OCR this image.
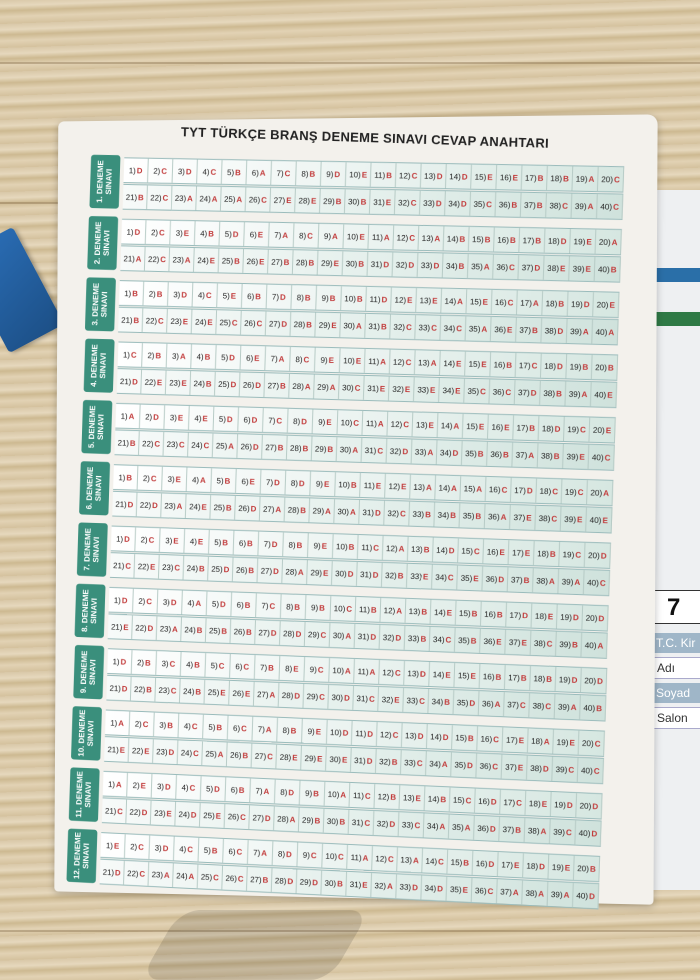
7
T.C. Kir
Adı
Soyad
Salon
1. DENEME
SINAVI 1) D 2) C 3) D 4) C 5) B 6) A 7) C 8) B 9) D 10) E 11) B 12) C 13) D 14) D 15) E 16) E 17) B 18) B 19) A 20) C
21) B 22) C 23) A 24) A 25) A 26) C 27) E 28) E 29) B 30) B 31) E 32) C 33) D 34) D 35) C 36) B 37) B 38) C 39) A 40) C
2. DENEME
SINAVI 1) D 2) C 3) E 4) B 5) D 6) E 7) A 8) C 9) A 10) E 11) A 12) C 13) A 14) B 15) B 16) B 17) B 18) D 19) E 20) A
21) A 22) C 23) A 24) E 25) B 26) E 27) B 28) B 29) E 30) B 31) D 32) D 33) D 34) B 35) A 36) C 37) D 38) E 39) E 40) B
3. DENEME
SINAVI 1) B 2) B 3) D 4) C 5) E 6) B 7) D 8) B 9) B 10) B 11) D 12) E 13) E 14) A 15) E 16) C 17) A 18) B 19) D 20) E
21) B 22) C 23) E 24) E 25) C 26) C 27) D 28) B 29) E 30) A 31) B 32) C 33) C 34) C 35) A 36) E 37) B 38) D 39) A 40) A
4. DENEME
SINAVI 1) C 2) B 3) A 4) B 5) D 6) E 7) A 8) C 9) E 10) E 11) A 12) C 13) A 14) E 15) E 16) B 17) C 18) D 19) B 20) B
21) D 22) E 23) E 24) B 25) D 26) D 27) B 28) A 29) A 30) C 31) E 32) E 33) E 34) E 35) C 36) C 37) D 38) B 39) A 40) E
5. DENEME
SINAVI 1) A 2) D 3) E 4) E 5) D 6) D 7) C 8) D 9) E 10) C 11) A 12) C 13) E 14) A 15) E 16) E 17) B 18) D 19) C 20) E
21) B 22) C 23) C 24) C 25) A 26) D 27) B 28) B 29) B 30) A 31) C 32) D 33) A 34) D 35) B 36) B 37) A 38) B 39) E 40) C
6. DENEME
SINAVI 1) B 2) C 3) E 4) A 5) B 6) E 7) D 8) D 9) E 10) B 11) E 12) E 13) A 14) A 15) A 16) C 17) D 18) C 19) C 20) A
21) D 22) D 23) A 24) E 25) B 26) D 27) A 28) B 29) A 30) A 31) D 32) C 33) B 34) B 35) B 36) A 37) E 38) C 39) E 40) E
7. DENEME
SINAVI 1) D 2) C 3) E 4) E 5) B 6) B 7) D 8) B 9) E 10) B 11) C 12) A 13) B 14) D 15) C 16) E 17) E 18) B 19) C 20) D
21) C 22) E 23) C 24) B 25) D 26) B 27) D 28) A 29) E 30) D 31) D 32) B 33) E 34) C 35) E 36) D 37) B 38) A 39) A 40) C
8. DENEME
SINAVI 1) D 2) C 3) D 4) A 5) D 6) B 7) C 8) B 9) B 10) C 11) B 12) A 13) B 14) E 15) B 16) B 17) D 18) E 19) D 20) D
21) E 22) D 23) A 24) B 25) B 26) B 27) D 28) D 29) C 30) A 31) D 32) D 33) B 34) C 35) B 36) E 37) E 38) C 39) B 40) A
9. DENEME
SINAVI 1) D 2) B 3) C 4) B 5) C 6) C 7) B 8) E 9) C 10) A 11) A 12) C 13) D 14) E 15) E 16) B 17) B 18) B 19) D 20) D
21) D 22) B 23) C 24) B 25) E 26) E 27) A 28) D 29) C 30) D 31) C 32) E 33) C 34) B 35) D 36) A 37) C 38) C 39) A 40) B
10. DENEME
SINAVI 1) A 2) C 3) B 4) C 5) B 6) C 7) A 8) B 9) E 10) D 11) D 12) C 13) D 14) D 15) B 16) C 17) E 18) A 19) E 20) C
21) E 22) E 23) D 24) C 25) A 26) B 27) C 28) E 29) E 30) E 31) D 32) B 33) C 34) A 35) D 36) C 37) E 38) D 39) C 40) C
11. DENEME
SINAVI 1) A 2) E 3) D 4) C 5) D 6) B 7) A 8) D 9) B 10) A 11) C 12) B 13) E 14) B 15) C 16) D 17) C 18) E 19) D 20) D
21) C 22) D 23) E 24) D 25) E 26) C 27) D 28) A 29) B 30) B 31) C 32) D 33) C 34) A 35) A 36) D 37) B 38) A 39) C 40) D
12. DENEME
SINAVI 1) E 2) C 3) D 4) C 5) B 6) C 7) A 8) D 9) C 10) C 11) A 12) C 13) A 14) C 15) B 16) D 17) E 18) D 19) E 20) B
21) D 22) C 23) A 24) A 25) C 26) C 27) B 28) D 29) D 30) B 31) E 32) A 33) D 34) D 35) E 36) C 37) A 38) A 39) A 40) D
TYT TÜRKÇE BRANŞ DENEME SINAVI CEVAP ANAHTARI
